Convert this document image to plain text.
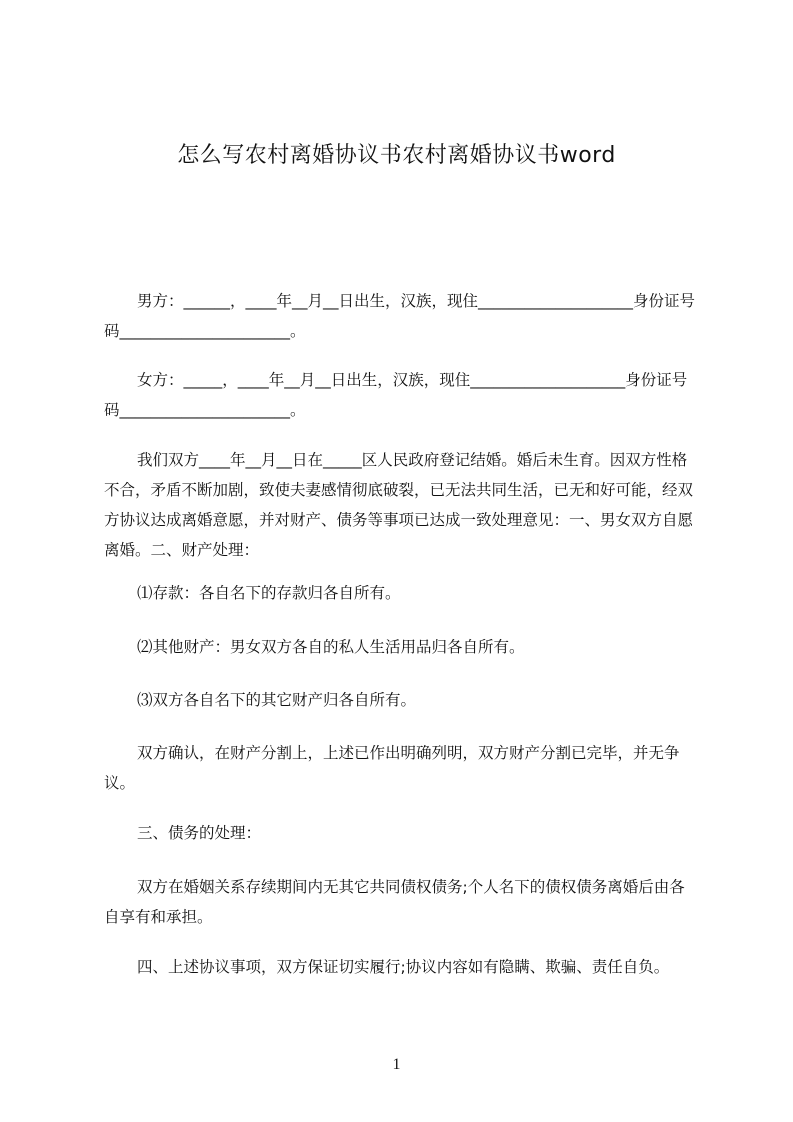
怎么写农村离婚协议书农村离婚协议书word

男方：______，____年__月__日出生，汉族，现住____________________身份证号码______________________。

女方：_____，____年__月__日出生，汉族，现住____________________身份证号码______________________。

我们双方____年__月__日在_____区人民政府登记结婚。婚后未生育。因双方性格不合，矛盾不断加剧，致使夫妻感情彻底破裂，已无法共同生活，已无和好可能，经双方协议达成离婚意愿，并对财产、债务等事项已达成一致处理意见：一、男女双方自愿离婚。二、财产处理：

⑴存款：各自名下的存款归各自所有。

⑵其他财产：男女双方各自的私人生活用品归各自所有。

⑶双方各自名下的其它财产归各自所有。

双方确认，在财产分割上，上述已作出明确列明，双方财产分割已完毕，并无争议。

三、债务的处理：

双方在婚姻关系存续期间内无其它共同债权债务;个人名下的债权债务离婚后由各自享有和承担。

四、上述协议事项，双方保证切实履行;协议内容如有隐瞒、欺骗、责任自负。

1
